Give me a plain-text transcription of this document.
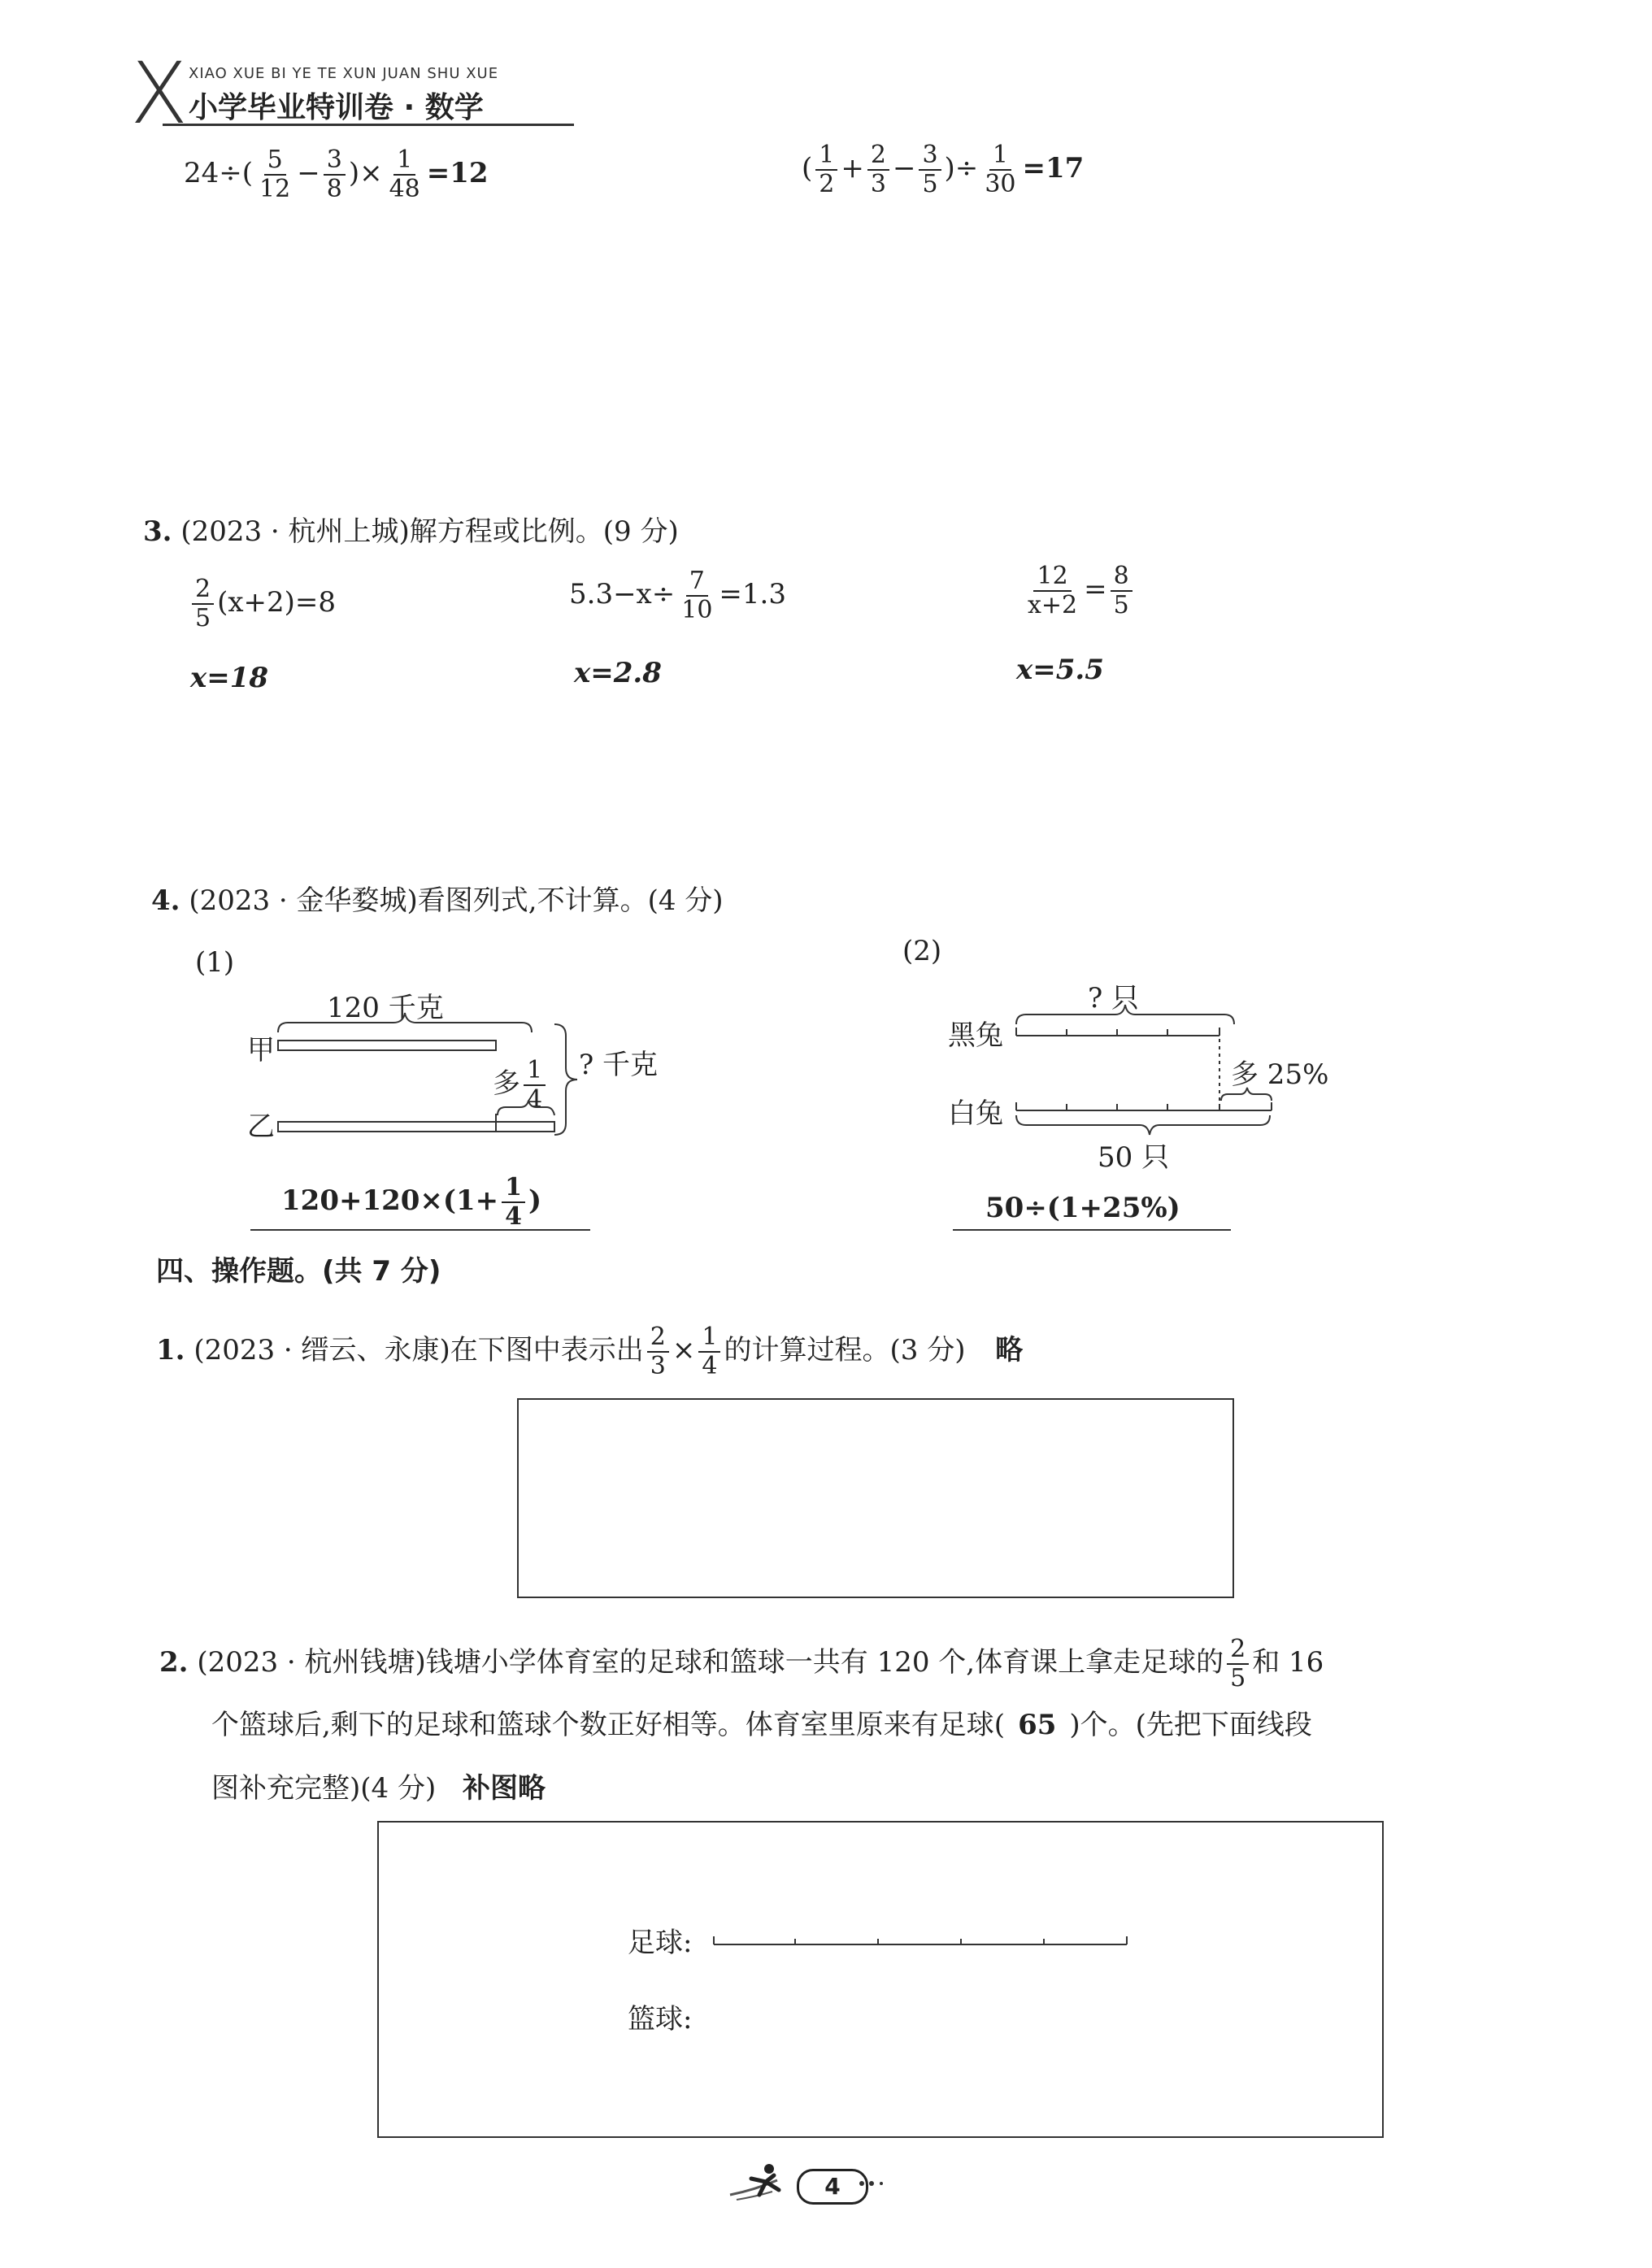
X XIAO XUE BI YE TE XUN JUAN SHU XUE
小学毕业特训卷 · 数学
$24\div( \frac{5}{12} - \frac{3}{8}$ )× $\frac{1}{48} =12$	( $\frac{1}{2} + \frac{2}{3} - \frac{3}{5}$ )÷ $\frac{1}{30} =17$
3. (2023 · 杭州上城)解方程或比例。(9 分)
$\frac{2}{5} (x+2)=8$
x=18
$5.3-x\div \frac{7}{10} =1.3$
x=2.8
$\frac{12}{x+2} = \frac{8}{5}$
x=5.5
4. (2023 · 金华婺城)看图列式,不计算。(4 分)
(1)
120 千克
甲
乙
多 $\frac{1}{4}$ ? 千克
$120+120\times(1+ \frac{1}{4}$ )
(2)
? 只
黑兔
白兔
多 25%
50 只
50÷(1+25%)
四、操作题。(共 7 分)
1. (2023 · 缙云、永康)在下图中表示出 $\frac{2}{3} \times \frac{1}{4}$ 的计算过程。(3 分) 略
2. (2023 · 杭州钱塘)钱塘小学体育室的足球和篮球一共有 120 个,体育课上拿走足球的 $\frac{2}{5}$ 和 16
个篮球后,剩下的足球和篮球个数正好相等。体育室里原来有足球( 65 )个。(先把下面线段
图补充完整)(4 分) 补图略
足球:
篮球:
4
